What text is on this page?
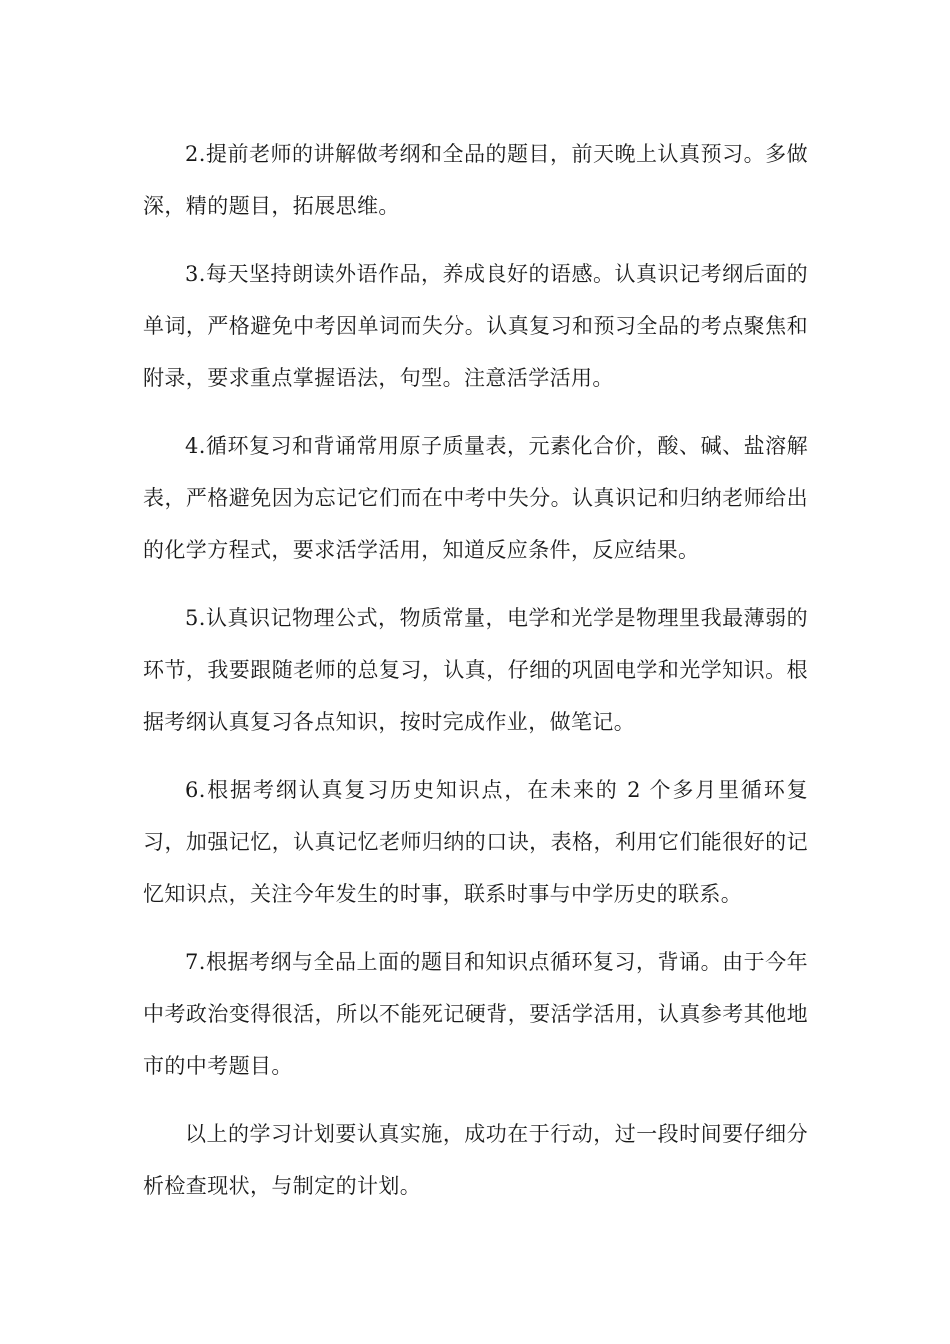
2.提前老师的讲解做考纲和全品的题目，前天晚上认真预习。多做深，精的题目，拓展思维。

3.每天坚持朗读外语作品，养成良好的语感。认真识记考纲后面的单词，严格避免中考因单词而失分。认真复习和预习全品的考点聚焦和附录，要求重点掌握语法，句型。注意活学活用。

4.循环复习和背诵常用原子质量表，元素化合价，酸、碱、盐溶解表，严格避免因为忘记它们而在中考中失分。认真识记和归纳老师给出的化学方程式，要求活学活用，知道反应条件，反应结果。

5.认真识记物理公式，物质常量，电学和光学是物理里我最薄弱的环节，我要跟随老师的总复习，认真，仔细的巩固电学和光学知识。根据考纲认真复习各点知识，按时完成作业，做笔记。

6.根据考纲认真复习历史知识点，在未来的 2 个多月里循环复习，加强记忆，认真记忆老师归纳的口诀，表格，利用它们能很好的记忆知识点，关注今年发生的时事，联系时事与中学历史的联系。

7.根据考纲与全品上面的题目和知识点循环复习，背诵。由于今年中考政治变得很活，所以不能死记硬背，要活学活用，认真参考其他地市的中考题目。

以上的学习计划要认真实施，成功在于行动，过一段时间要仔细分析检查现状，与制定的计划。
